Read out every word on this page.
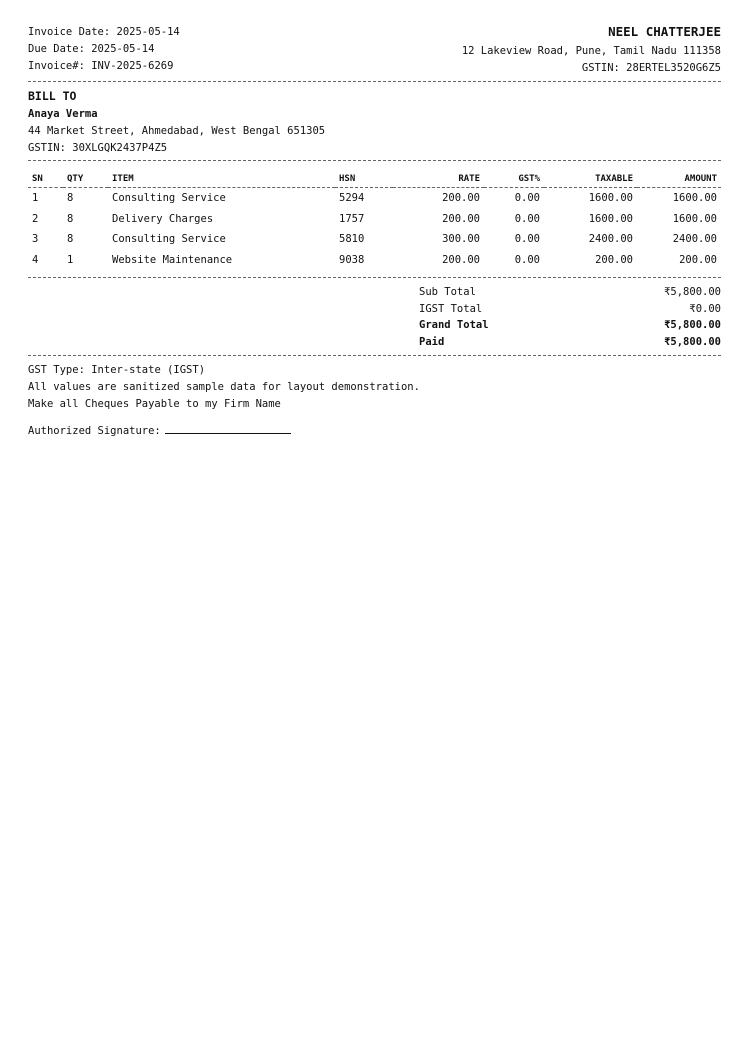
Invoice Date: 2025-05-14
Due Date: 2025-05-14
Invoice#: INV-2025-6269
NEEL CHATTERJEE
12 Lakeview Road, Pune, Tamil Nadu 111358
GSTIN: 28ERTEL3520G6Z5
BILL TO
Anaya Verma
44 Market Street, Ahmedabad, West Bengal 651305
GSTIN: 30XLGQK2437P4Z5
SN	QTY	ITEM	HSN	RATE	GST%	TAXABLE	AMOUNT
1	8	Consulting Service	5294	200.00	0.00	1600.00	1600.00
2	8	Delivery Charges	1757	200.00	0.00	1600.00	1600.00
3	8	Consulting Service	5810	300.00	0.00	2400.00	2400.00
4	1	Website Maintenance	9038	200.00	0.00	200.00	200.00
Sub Total	₹5,800.00
IGST Total	₹0.00
Grand Total	₹5,800.00
Paid	₹5,800.00
GST Type: Inter-state (IGST)
All values are sanitized sample data for layout demonstration.
Make all Cheques Payable to my Firm Name
Authorized Signature:
